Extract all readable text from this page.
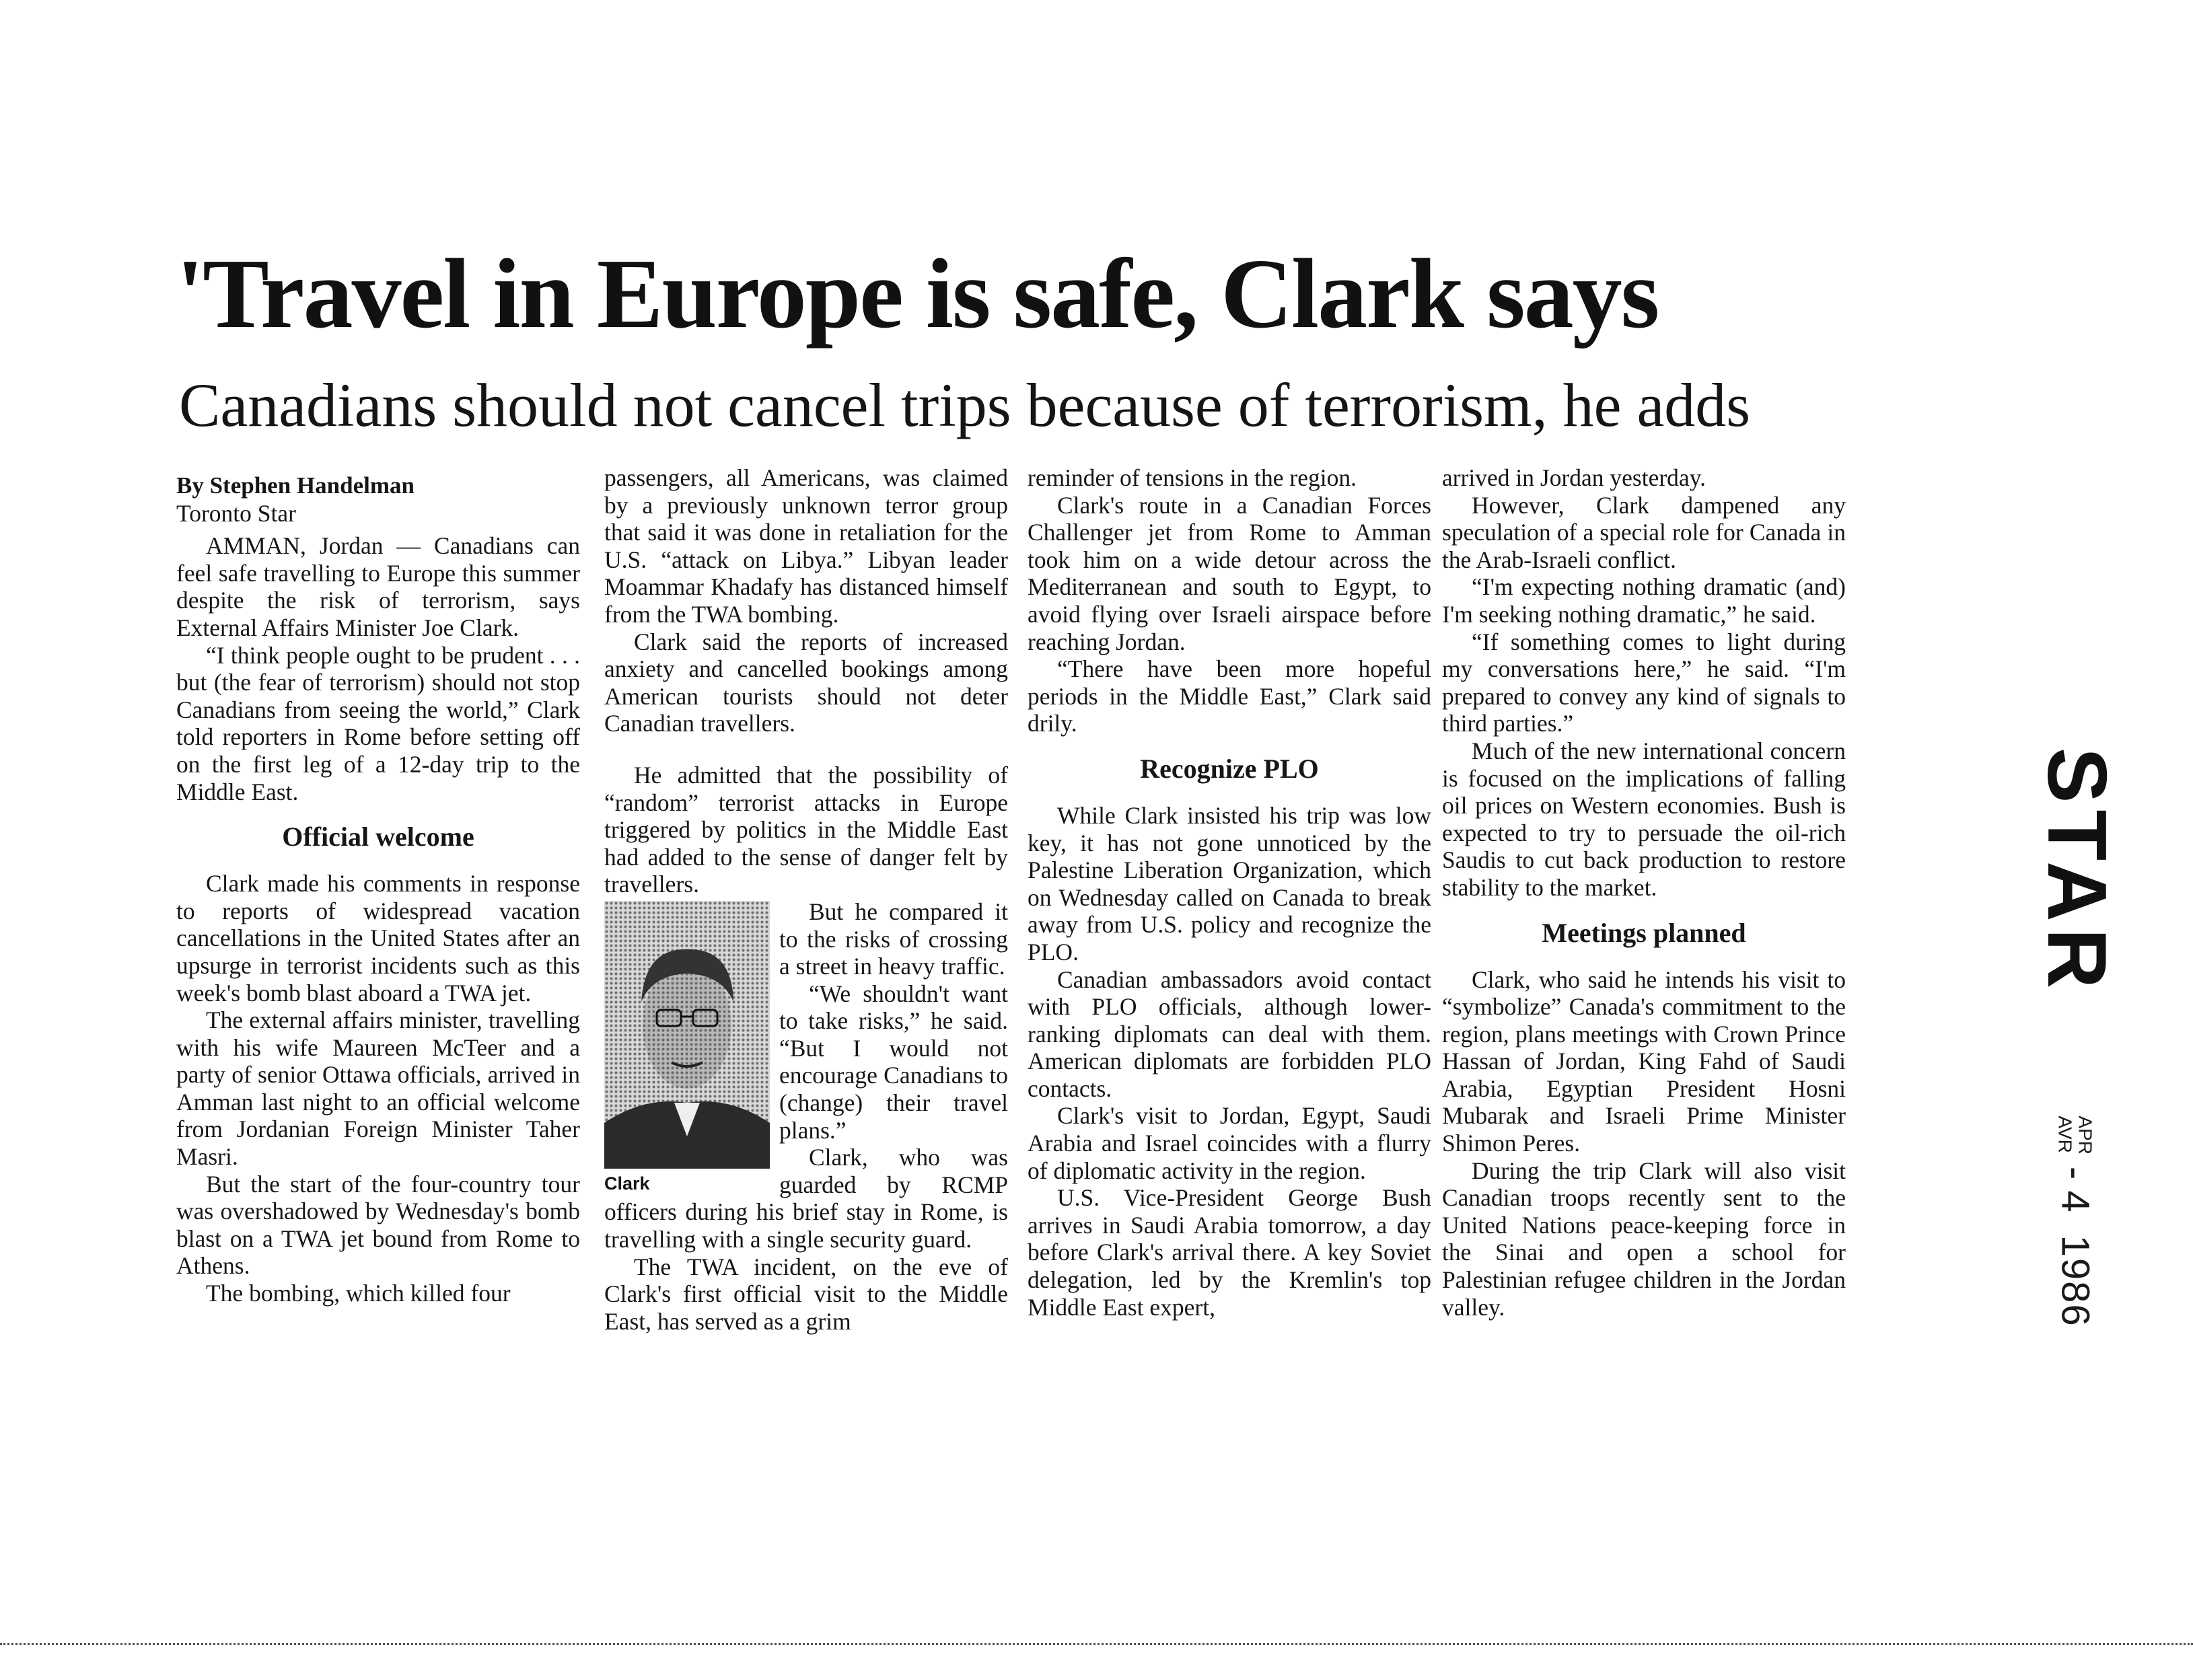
'Travel in Europe is safe, Clark says
Canadians should not cancel trips because of terrorism, he adds

By Stephen Handelman

Toronto Star

AMMAN, Jordan — Canadians can feel safe travelling to Europe this summer despite the risk of terrorism, says External Affairs Minister Joe Clark.

“I think people ought to be prudent . . . but (the fear of terrorism) should not stop Canadians from seeing the world,” Clark told reporters in Rome before setting off on the first leg of a 12-day trip to the Middle East.

Official welcome

Clark made his comments in response to reports of widespread vacation cancellations in the United States after an upsurge in terrorist incidents such as this week's bomb blast aboard a TWA jet.

The external affairs minister, travelling with his wife Maureen McTeer and a party of senior Ottawa officials, arrived in Amman last night to an official welcome from Jordanian Foreign Minister Taher Masri.

But the start of the four-country tour was overshadowed by Wednesday's bomb blast on a TWA jet bound from Rome to Athens.

The bombing, which killed four

passengers, all Americans, was claimed by a previously unknown terror group that said it was done in retaliation for the U.S. “attack on Libya.” Libyan leader Moammar Khadafy has distanced himself from the TWA bombing.

Clark said the reports of increased anxiety and cancelled bookings among American tourists should not deter Canadian travellers.

He admitted that the possibility of “random” terrorist attacks in Europe triggered by politics in the Middle East had added to the sense of danger felt by travellers.

Clark

But he compared it to the risks of crossing a street in heavy traffic.

“We shouldn't want to take risks,” he said. “But I would not encourage Canadians to (change) their travel plans.”

Clark, who was guarded by RCMP officers during his brief stay in Rome, is travelling with a single security guard.

The TWA incident, on the eve of Clark's first official visit to the Middle East, has served as a grim

reminder of tensions in the region.

Clark's route in a Canadian Forces Challenger jet from Rome to Amman took him on a wide detour across the Mediterranean and south to Egypt, to avoid flying over Israeli airspace before reaching Jordan.

“There have been more hopeful periods in the Middle East,” Clark said drily.

Recognize PLO

While Clark insisted his trip was low key, it has not gone unnoticed by the Palestine Liberation Organization, which on Wednesday called on Canada to break away from U.S. policy and recognize the PLO.

Canadian ambassadors avoid contact with PLO officials, although lower-ranking diplomats can deal with them. American diplomats are forbidden PLO contacts.

Clark's visit to Jordan, Egypt, Saudi Arabia and Israel coincides with a flurry of diplomatic activity in the region.

U.S. Vice-President George Bush arrives in Saudi Arabia tomorrow, a day before Clark's arrival there. A key Soviet delegation, led by the Kremlin's top Middle East expert,

arrived in Jordan yesterday.

However, Clark dampened any speculation of a special role for Canada in the Arab-Israeli conflict.

“I'm expecting nothing dramatic (and) I'm seeking nothing dramatic,” he said.

“If something comes to light during my conversations here,” he said. “I'm prepared to convey any kind of signals to third parties.”

Much of the new international concern is focused on the implications of falling oil prices on Western economies. Bush is expected to try to persuade the oil-rich Saudis to cut back production to restore stability to the market.

Meetings planned

Clark, who said he intends his visit to “symbolize” Canada's commitment to the region, plans meetings with Crown Prince Hassan of Jordan, King Fahd of Saudi Arabia, Egyptian President Hosni Mubarak and Israeli Prime Minister Shimon Peres.

During the trip Clark will also visit Canadian troops recently sent to the United Nations peace-keeping force in the Sinai and open a school for Palestinian refugee children in the Jordan valley.

STAR
APR
AVR
- 4
1986
